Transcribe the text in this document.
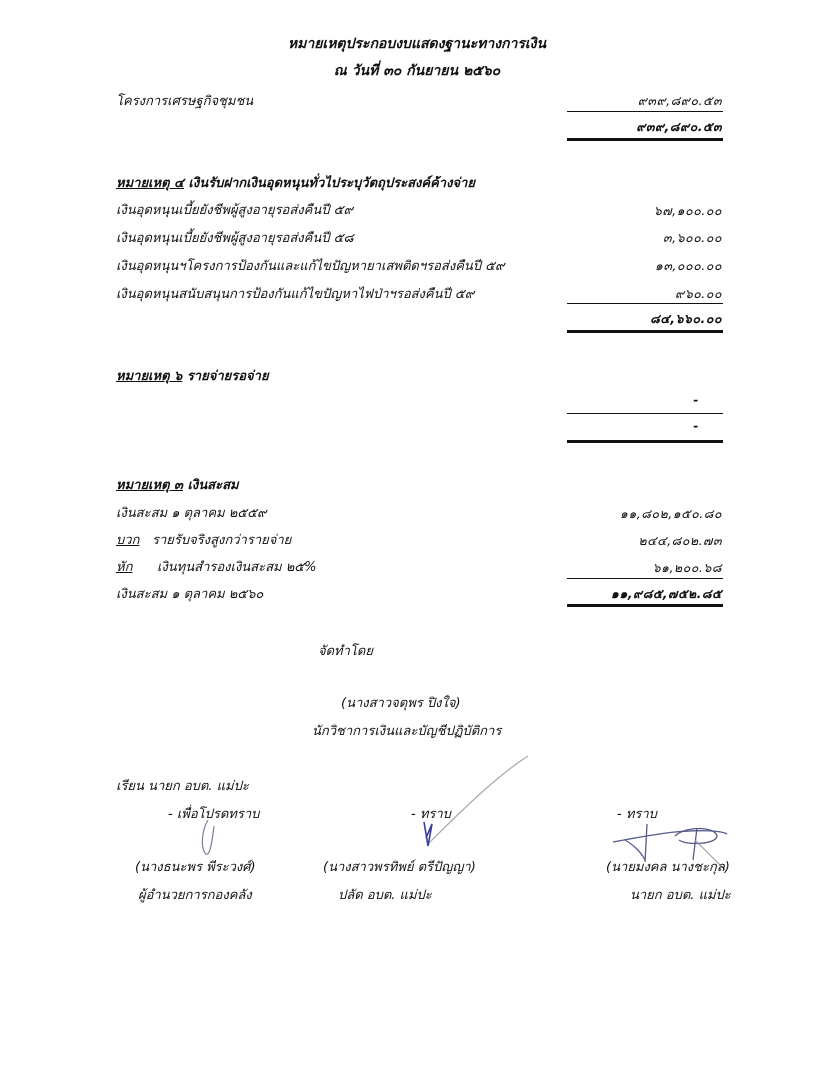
หมายเหตุประกอบงบแสดงฐานะทางการเงิน
ณ วันที่ ๓๐ กันยายน ๒๕๖๐
โครงการเศรษฐกิจชุมชน	๙๓๙,๘๙๐.๕๓
๙๓๙,๘๙๐.๕๓
หมายเหตุ ๔ เงินรับฝากเงินอุดหนุนทั่วไประบุวัตถุประสงค์ค้างจ่าย
เงินอุดหนุนเบี้ยยังชีพผู้สูงอายุรอส่งคืนปี ๕๙	๖๗,๑๐๐.๐๐
เงินอุดหนุนเบี้ยยังชีพผู้สูงอายุรอส่งคืนปี ๕๘	๓,๖๐๐.๐๐
เงินอุดหนุนฯโครงการป้องกันและแก้ไขปัญหายาเสพติดฯรอส่งคืนปี ๕๙	๑๓,๐๐๐.๐๐
เงินอุดหนุนสนับสนุนการป้องกันแก้ไขปัญหาไฟป่าฯรอส่งคืนปี ๕๙	๙๖๐.๐๐
๘๔,๖๖๐.๐๐
หมายเหตุ ๖ รายจ่ายรอจ่าย
-
-
หมายเหตุ ๓ เงินสะสม
เงินสะสม ๑ ตุลาคม ๒๕๕๙	๑๑,๘๐๒,๑๕๐.๘๐
บวก รายรับจริงสูงกว่ารายจ่าย	๒๔๔,๘๐๒.๗๓
หัก เงินทุนสำรองเงินสะสม ๒๕%	๖๑,๒๐๐.๖๘
เงินสะสม ๑ ตุลาคม ๒๕๖๐	๑๑,๙๘๕,๗๕๒.๘๕
จัดทำโดย
(นางสาวจตุพร ปิงใจ)
นักวิชาการเงินและบัญชีปฏิบัติการ
เรียน นายก อบต. แม่ปะ
- เพื่อโปรดทราบ
(นางธนะพร พีระวงศ์)
ผู้อำนวยการกองคลัง
- ทราบ
(นางสาวพรทิพย์ ตรีปัญญา)
ปลัด อบต. แม่ปะ
- ทราบ
(นายมงคล นางชะกุล)
นายก อบต. แม่ปะ
